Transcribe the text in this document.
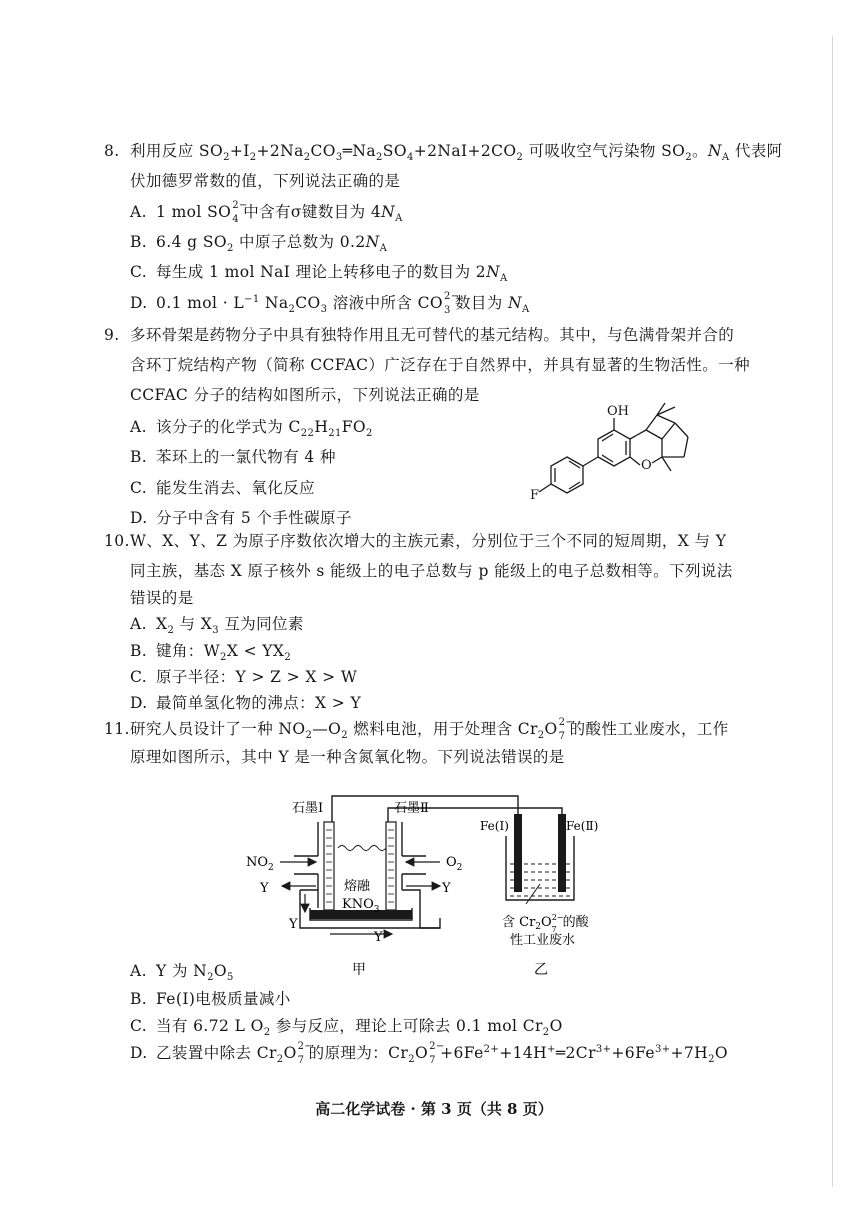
8. 利用反应 $SO_2+I_2+2Na_2CO_3═Na_2SO_4+2NaI+2CO_2$ 可吸收空气污染物 $SO_2$。$N_A$ 代表阿
伏加德罗常数的值，下列说法正确的是
A. 1 mol SO 2−
4 中含有σ键数目为 $4N_A$
B. 6.4 g $SO_2$ 中原子总数为 $0.2N_A$
C. 每生成 1 mol NaI 理论上转移电子的数目为 $2N_A$
D. 0.1 mol · $L^{-1}$ $Na_2CO_3$ 溶液中所含 CO 2−
3 数目为 $N_A$
9. 多环骨架是药物分子中具有独特作用且无可替代的基元结构。其中，与色满骨架并合的
含环丁烷结构产物（简称 CCFAC）广泛存在于自然界中，并具有显著的生物活性。一种
CCFAC 分子的结构如图所示，下列说法正确的是
A. 该分子的化学式为 $C_{22}H_{21}FO_2$
B. 苯环上的一氯代物有 4 种
C. 能发生消去、氧化反应
D. 分子中含有 5 个手性碳原子
OH
O
F
10.W、X、Y、Z 为原子序数依次增大的主族元素，分别位于三个不同的短周期，X 与 Y
同主族，基态 X 原子核外 s 能级上的电子总数与 p 能级上的电子总数相等。下列说法
错误的是
A. $X_2$ 与 $X_3$ 互为同位素
B. 键角：$W_2X < YX_2$
C. 原子半径：Y > Z > X > W
D. 最简单氢化物的沸点：X > Y
11.研究人员设计了一种 $NO_2—O_2$ 燃料电池，用于处理含 $Cr_2O$ 2−
7 的酸性工业废水，工作
原理如图所示，其中 Y 是一种含氮氧化物。下列说法错误的是
石墨Ⅰ	石墨Ⅱ
$NO_2$	$O_2$
Y	Y
Y
Y
熔融
$KNO_3$
Fe(Ⅰ)	Fe(Ⅱ)
含 $Cr_2O^{2-}$ 7 的酸
性工业废水
甲	乙
A. Y 为 $N_2O_5$
B. Fe(Ⅰ)电极质量减小
C. 当有 6.72 L $O_2$ 参与反应，理论上可除去 0.1 mol $Cr_2O$
D. 乙装置中除去 $Cr_2O$ 2−
7 的原理为：$Cr_2O$ 2−
$7 +6Fe^{2+}+14H^+═2Cr^{3+}+6Fe^{3+}+7H_2O$
高二化学试卷 · 第 3 页（共 8 页）
